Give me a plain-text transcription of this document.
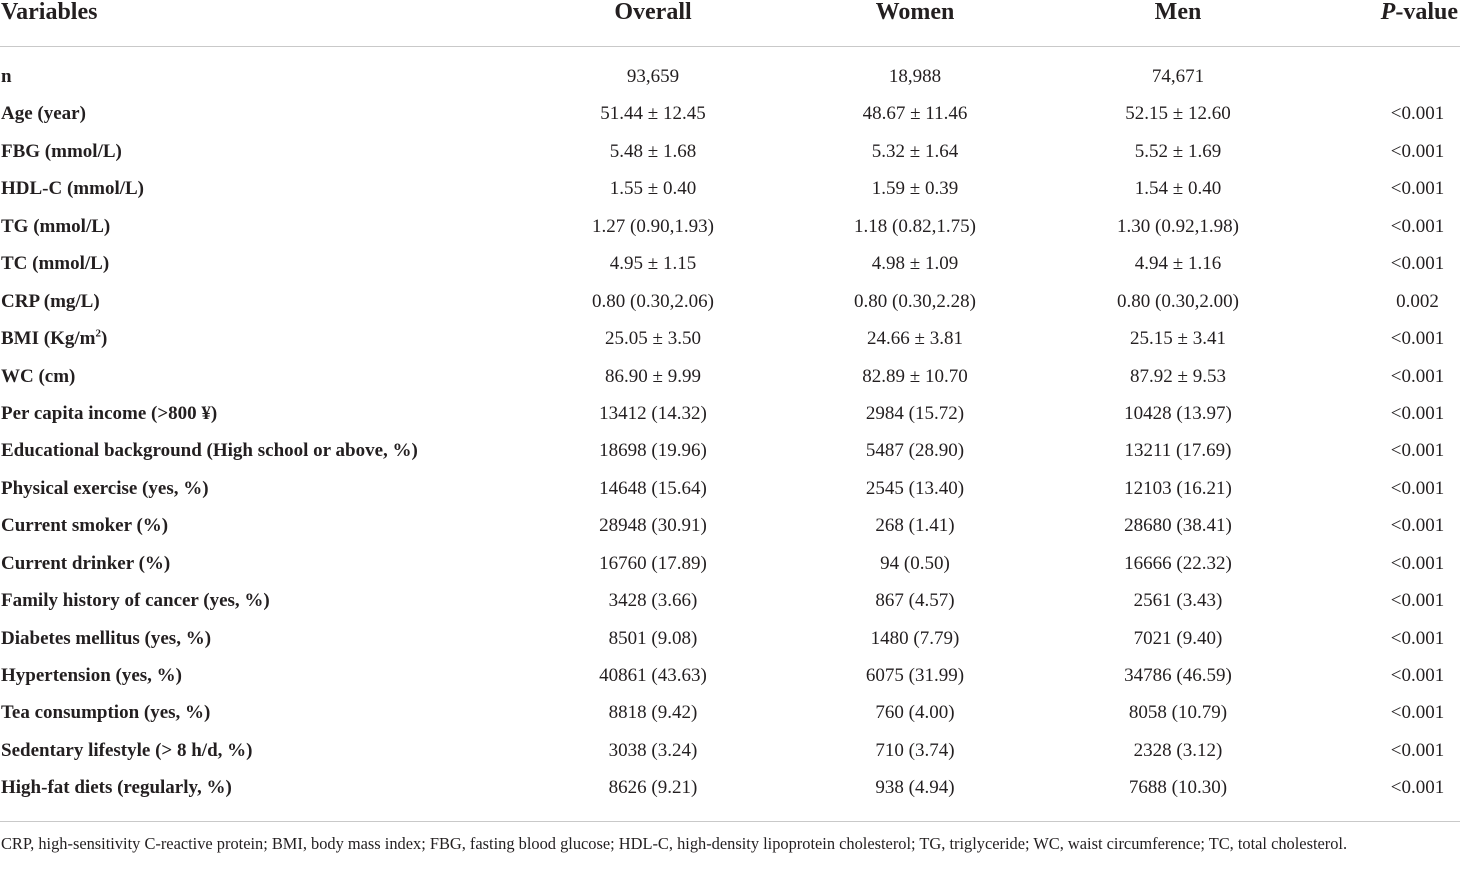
Variables	Overall	Women	Men	P-value
n	93,659	18,988	74,671
Age (year)	51.44 ± 12.45	48.67 ± 11.46	52.15 ± 12.60	<0.001
FBG (mmol/L)	5.48 ± 1.68	5.32 ± 1.64	5.52 ± 1.69	<0.001
HDL-C (mmol/L)	1.55 ± 0.40	1.59 ± 0.39	1.54 ± 0.40	<0.001
TG (mmol/L)	1.27 (0.90,1.93)	1.18 (0.82,1.75)	1.30 (0.92,1.98)	<0.001
TC (mmol/L)	4.95 ± 1.15	4.98 ± 1.09	4.94 ± 1.16	<0.001
CRP (mg/L)	0.80 (0.30,2.06)	0.80 (0.30,2.28)	0.80 (0.30,2.00)	0.002
BMI $(Kg/m^2)$	25.05 ± 3.50	24.66 ± 3.81	25.15 ± 3.41	<0.001
WC (cm)	86.90 ± 9.99	82.89 ± 10.70	87.92 ± 9.53	<0.001
Per capita income (>800 ¥)	13412 (14.32)	2984 (15.72)	10428 (13.97)	<0.001
Educational background (High school or above, %)	18698 (19.96)	5487 (28.90)	13211 (17.69)	<0.001
Physical exercise (yes, %)	14648 (15.64)	2545 (13.40)	12103 (16.21)	<0.001
Current smoker (%)	28948 (30.91)	268 (1.41)	28680 (38.41)	<0.001
Current drinker (%)	16760 (17.89)	94 (0.50)	16666 (22.32)	<0.001
Family history of cancer (yes, %)	3428 (3.66)	867 (4.57)	2561 (3.43)	<0.001
Diabetes mellitus (yes, %)	8501 (9.08)	1480 (7.79)	7021 (9.40)	<0.001
Hypertension (yes, %)	40861 (43.63)	6075 (31.99)	34786 (46.59)	<0.001
Tea consumption (yes, %)	8818 (9.42)	760 (4.00)	8058 (10.79)	<0.001
Sedentary lifestyle (> 8 h/d, %)	3038 (3.24)	710 (3.74)	2328 (3.12)	<0.001
High-fat diets (regularly, %)	8626 (9.21)	938 (4.94)	7688 (10.30)	<0.001
CRP, high-sensitivity C-reactive protein; BMI, body mass index; FBG, fasting blood glucose; HDL-C, high-density lipoprotein cholesterol; TG, triglyceride; WC, waist circumference; TC, total cholesterol.
